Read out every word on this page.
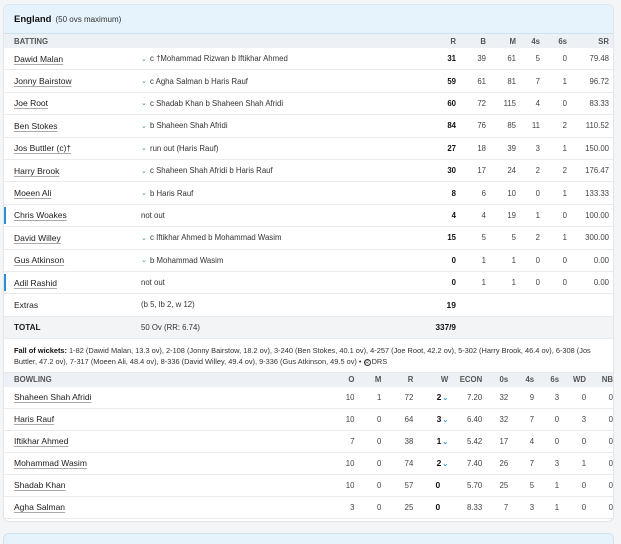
England (50 ovs maximum)
BATTING	R	B	M	4s	6s	SR
Dawid Malan	⌄ c †Mohammad Rizwan b Iftikhar Ahmed	31	39	61	5	0	79.48
Jonny Bairstow	⌄ c Agha Salman b Haris Rauf	59	61	81	7	1	96.72
Joe Root	⌄ c Shadab Khan b Shaheen Shah Afridi	60	72	115	4	0	83.33
Ben Stokes	⌄ b Shaheen Shah Afridi	84	76	85	11	2	110.52
Jos Buttler (c)†	⌄ run out (Haris Rauf)	27	18	39	3	1	150.00
Harry Brook	⌄ c Shaheen Shah Afridi b Haris Rauf	30	17	24	2	2	176.47
Moeen Ali	⌄ b Haris Rauf	8	6	10	0	1	133.33
Chris Woakes	not out	4	4	19	1	0	100.00
David Willey	⌄ c Iftikhar Ahmed b Mohammad Wasim	15	5	5	2	1	300.00
Gus Atkinson	⌄ b Mohammad Wasim	0	1	1	0	0	0.00
Adil Rashid	not out	0	1	1	0	0	0.00
Extras	(b 5, lb 2, w 12)	19
TOTAL	50 Ov (RR: 6.74)	337/9
Fall of wickets: 1-82 (Dawid Malan, 13.3 ov), 2-108 (Jonny Bairstow, 18.2 ov), 3-240 (Ben Stokes, 40.1 ov), 4-257 (Joe Root, 42.2 ov), 5-302 (Harry Brook, 46.4 ov), 6-308 (Jos Buttler, 47.2 ov), 7-317 (Moeen Ali, 48.4 ov), 8-336 (David Willey, 49.4 ov), 9-336 (Gus Atkinson, 49.5 ov) • R DRS
BOWLING	O	M	R	W	ECON	0s	4s	6s	WD	NB
Shaheen Shah Afridi	10	1	72	2⌄	7.20	32	9	3	0	0
Haris Rauf	10	0	64	3⌄	6.40	32	7	0	3	0
Iftikhar Ahmed	7	0	38	1⌄	5.42	17	4	0	0	0
Mohammad Wasim	10	0	74	2⌄	7.40	26	7	3	1	0
Shadab Khan	10	0	57	0	5.70	25	5	1	0	0
Agha Salman	3	0	25	0	8.33	7	3	1	0	0
